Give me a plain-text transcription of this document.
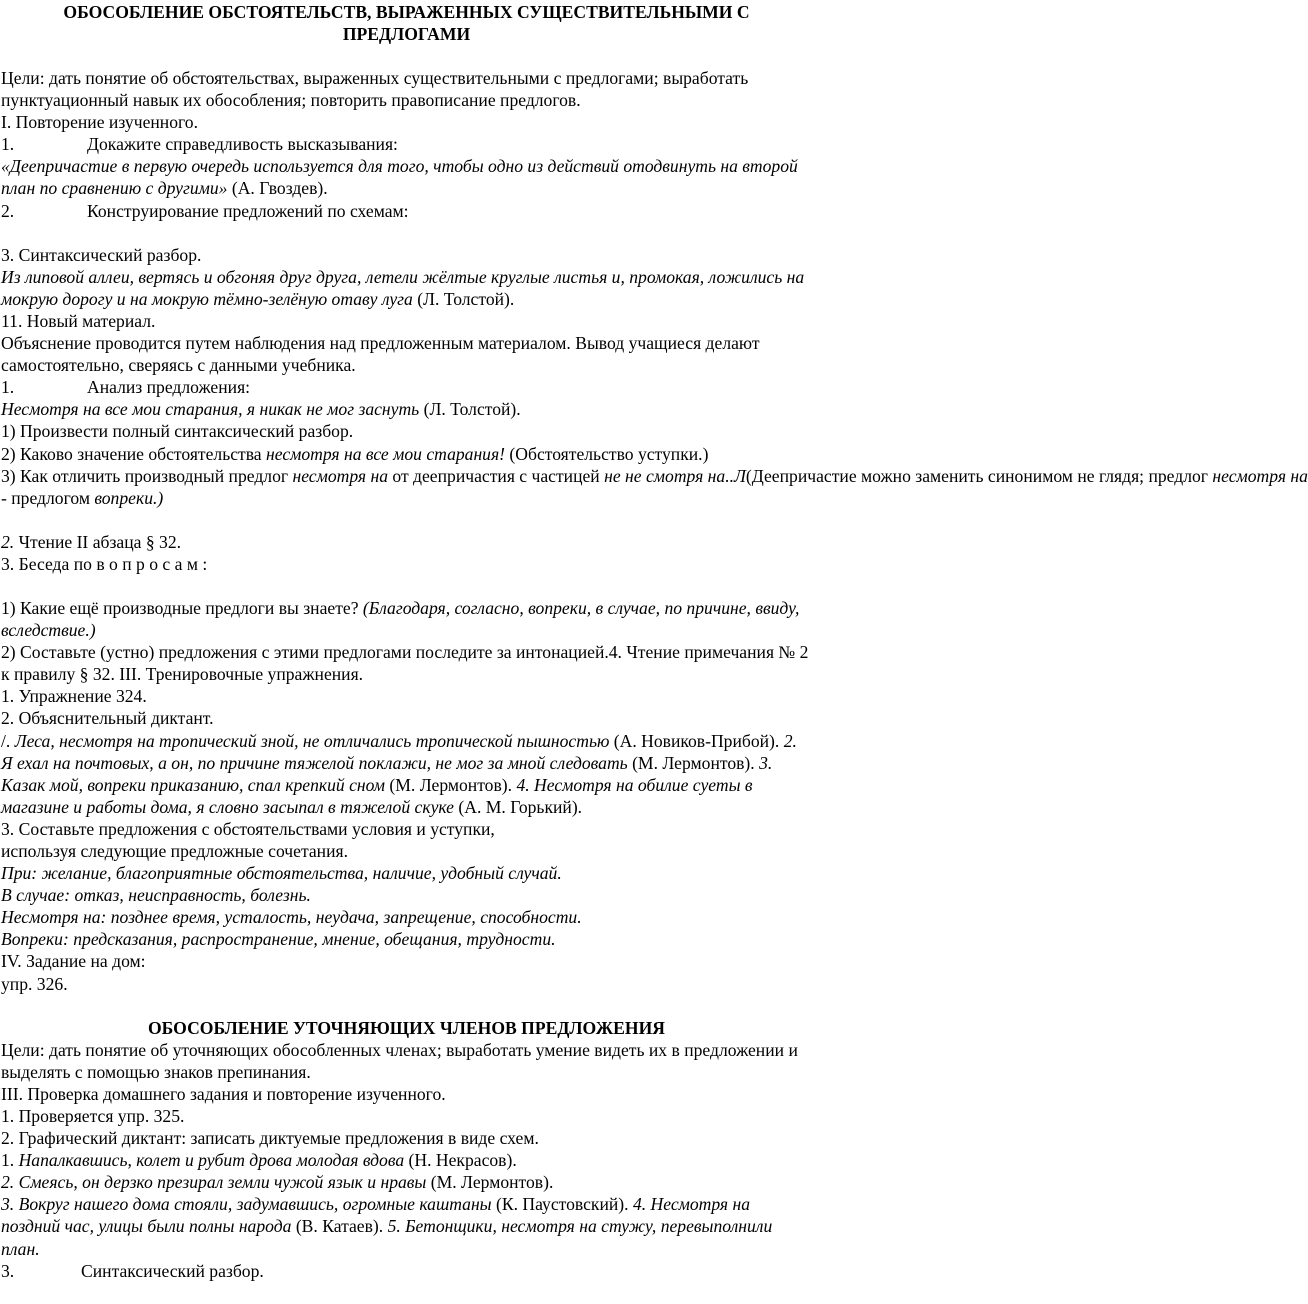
ОБОСОБЛЕНИЕ ОБСТОЯТЕЛЬСТВ, ВЫРАЖЕННЫХ СУЩЕСТВИТЕЛЬНЫМИ С ПРЕДЛОГАМИ
Цели: дать понятие об обстоятельствах, выраженных существительными с предлогами; выработать пунктуационный навык их обособления; повторить правописание предлогов.
I. Повторение изученного.
1.	Докажите справедливость высказывания:
«Деепричастие в первую очередь используется для того, чтобы одно из действий отодвинуть на второй план по сравнению с другими» (А. Гвоздев).
2.	Конструирование предложений по схемам:
3. Синтаксический разбор.
Из липовой аллеи, вертясь и обгоняя друг друга, летели жёлтые круглые листья и, промокая, ложились на мокрую дорогу и на мокрую тёмно-зелёную отаву луга (Л. Толстой).
11. Новый материал.
Объяснение проводится путем наблюдения над предложенным материалом. Вывод учащиеся делают самостоятельно, сверяясь с данными учебника.
1.	Анализ предложения:
Несмотря на все мои старания, я никак не мог заснуть (Л. Толстой).
1) Произвести полный синтаксический разбор.
2) Каково значение обстоятельства несмотря на все мои старания! (Обстоятельство уступки.)
3) Как отличить производный предлог несмотря на от деепричастия с частицей не не смотря на..Л(Деепричастие можно заменить синонимом не глядя; предлог несмотря на
- предлогом вопреки.)
2. Чтение II абзаца § 32.
3. Беседа по в о п р о с а м :
1) Какие ещё производные предлоги вы знаете? (Благодаря, согласно, вопреки, в случае, по причине, ввиду, вследствие.)
2) Составьте (устно) предложения с этими предлогами последите за интонацией.4. Чтение примечания № 2 к правилу § 32. III. Тренировочные упражнения.
1. Упражнение 324.
2. Объяснительный диктант.
/. Леса, несмотря на тропический зной, не отличались тропической пышностью (А. Новиков-Прибой). 2. Я ехал на почтовых, а он, по причине тяжелой поклажи, не мог за мной следовать (М. Лермонтов). 3. Казак мой, вопреки приказанию, спал крепкий сном (М. Лермонтов). 4. Несмотря на обилие суеты в магазине и работы дома, я словно засыпал в тяжелой скуке (А. М. Горький).
3. Составьте предложения с обстоятельствами условия и уступки,
используя следующие предложные сочетания.
При: желание, благоприятные обстоятельства, наличие, удобный случай.
В случае: отказ, неисправность, болезнь.
Несмотря на: позднее время, усталость, неудача, запрещение, способности.
Вопреки: предсказания, распространение, мнение, обещания, трудности.
IV. Задание на дом:
упр. 326.
ОБОСОБЛЕНИЕ УТОЧНЯЮЩИХ ЧЛЕНОВ ПРЕДЛОЖЕНИЯ
Цели: дать понятие об уточняющих обособленных членах; выработать умение видеть их в предложении и выделять с помощью знаков препинания.
III. Проверка домашнего задания и повторение изученного.
1. Проверяется упр. 325.
2. Графический диктант: записать диктуемые предложения в виде схем.
1. Напалкавшись, колет и рубит дрова молодая вдова (Н. Некрасов).
2. Смеясь, он дерзко презирал земли чужой язык и нравы (М. Лермонтов).
3. Вокруг нашего дома стояли, задумавшись, огромные каштаны (К. Паустовский). 4. Несмотря на поздний час, улицы были полны народа (В. Катаев). 5. Бетонщики, несмотря на стужу, перевыполнили план.
3.	Синтаксический разбор.
